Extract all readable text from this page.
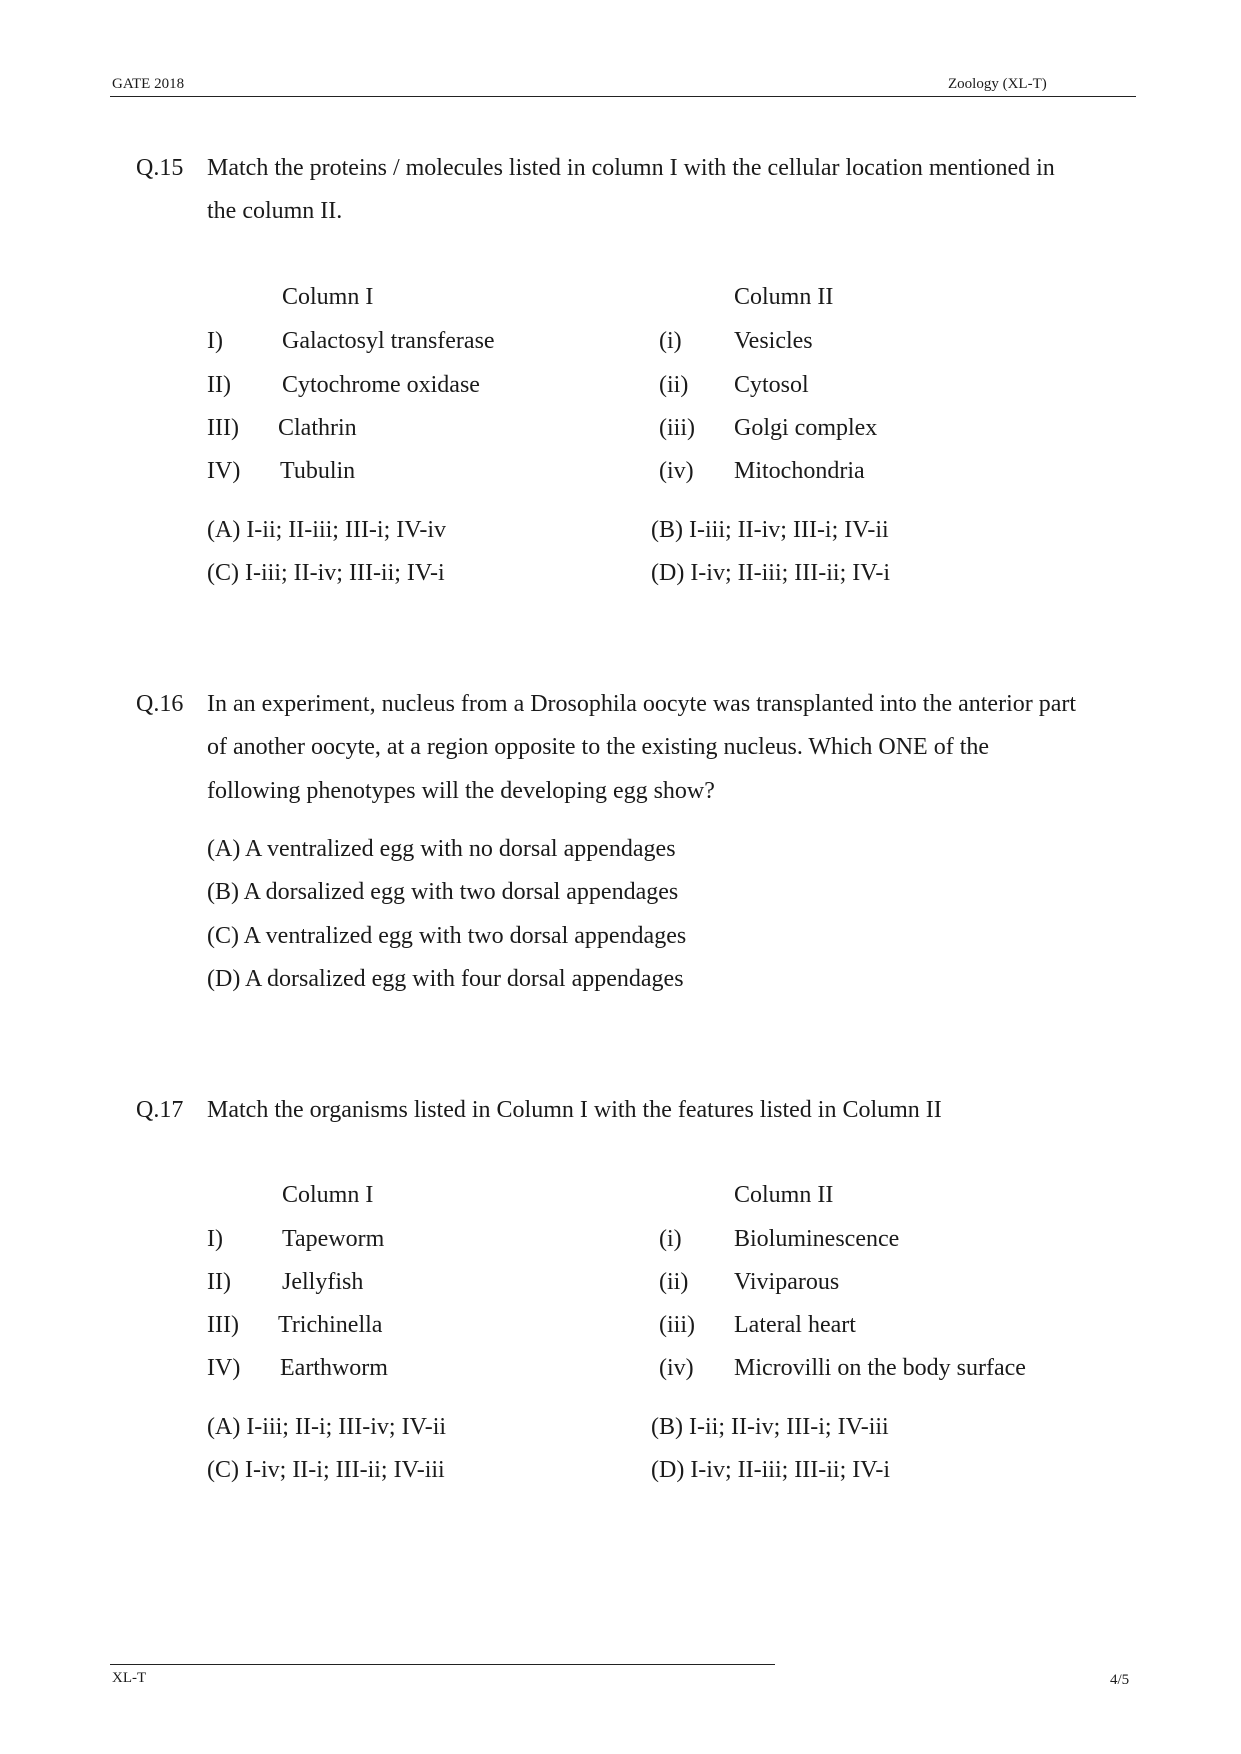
GATE 2018	Zoology (XL-T)
Q.15 Match the proteins / molecules listed in column I with the cellular location mentioned in
the column II.
Column I	Column II
I) Galactosyl transferase	(i) Vesicles
II) Cytochrome oxidase	(ii) Cytosol
III) Clathrin	(iii) Golgi complex
IV) Tubulin	(iv) Mitochondria
(A) I-ii; II-iii; III-i; IV-iv	(B) I-iii; II-iv; III-i; IV-ii
(C) I-iii; II-iv; III-ii; IV-i	(D) I-iv; II-iii; III-ii; IV-i
Q.16 In an experiment, nucleus from a Drosophila oocyte was transplanted into the anterior part
of another oocyte, at a region opposite to the existing nucleus. Which ONE of the
following phenotypes will the developing egg show?
(A) A ventralized egg with no dorsal appendages
(B) A dorsalized egg with two dorsal appendages
(C) A ventralized egg with two dorsal appendages
(D) A dorsalized egg with four dorsal appendages
Q.17 Match the organisms listed in Column I with the features listed in Column II
Column I	Column II
I) Tapeworm	(i) Bioluminescence
II) Jellyfish	(ii) Viviparous
III) Trichinella	(iii) Lateral heart
IV) Earthworm	(iv) Microvilli on the body surface
(A) I-iii; II-i; III-iv; IV-ii	(B) I-ii; II-iv; III-i; IV-iii
(C) I-iv; II-i; III-ii; IV-iii	(D) I-iv; II-iii; III-ii; IV-i
XL-T	4/5
